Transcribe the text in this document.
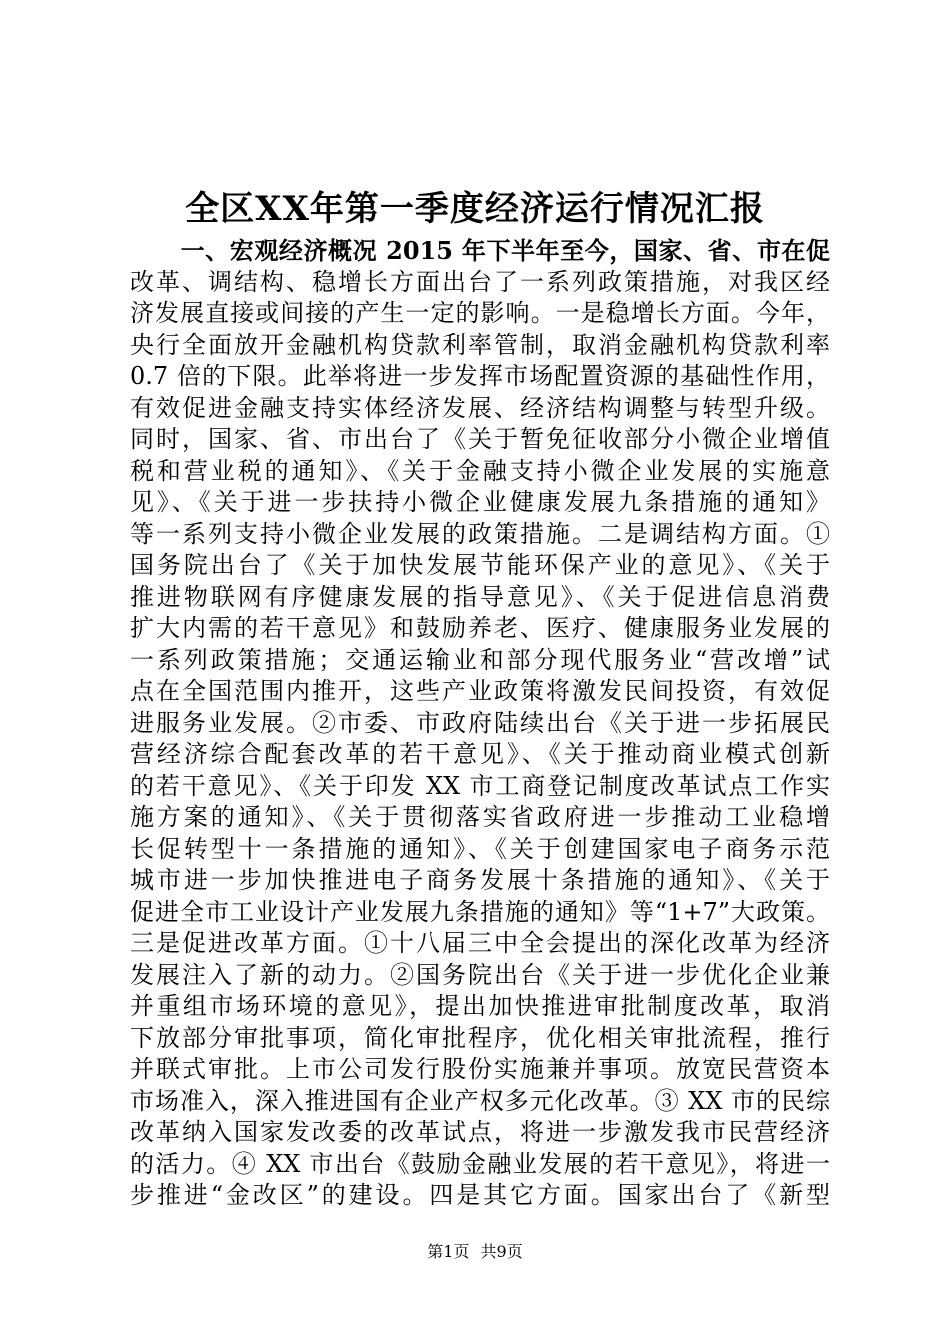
全区XX年第一季度经济运行情况汇报
一、宏观经济概况 2015 年下半年至今，国家、省、市在促
改革、调结构、稳增长方面出台了一系列政策措施，对我区经
济发展直接或间接的产生一定的影响。一是稳增长方面。今年，
央行全面放开金融机构贷款利率管制，取消金融机构贷款利率
0.7 倍的下限。此举将进一步发挥市场配置资源的基础性作用，
有效促进金融支持实体经济发展、经济结构调整与转型升级。
同时，国家、省、市出台了《关于暂免征收部分小微企业增值
税和营业税的通知》、《关于金融支持小微企业发展的实施意
见》、《关于进一步扶持小微企业健康发展九条措施的通知》
等一系列支持小微企业发展的政策措施。二是调结构方面。①
国务院出台了《关于加快发展节能环保产业的意见》、《关于
推进物联网有序健康发展的指导意见》、《关于促进信息消费
扩大内需的若干意见》和鼓励养老、医疗、健康服务业发展的
一系列政策措施；交通运输业和部分现代服务业“营改增”试
点在全国范围内推开，这些产业政策将激发民间投资，有效促
进服务业发展。②市委、市政府陆续出台《关于进一步拓展民
营经济综合配套改革的若干意见》、《关于推动商业模式创新
的若干意见》、《关于印发 XX 市工商登记制度改革试点工作实
施方案的通知》、《关于贯彻落实省政府进一步推动工业稳增
长促转型十一条措施的通知》、《关于创建国家电子商务示范
城市进一步加快推进电子商务发展十条措施的通知》、《关于
促进全市工业设计产业发展九条措施的通知》等“1+7”大政策。
三是促进改革方面。①十八届三中全会提出的深化改革为经济
发展注入了新的动力。②国务院出台《关于进一步优化企业兼
并重组市场环境的意见》，提出加快推进审批制度改革，取消
下放部分审批事项，简化审批程序，优化相关审批流程，推行
并联式审批。上市公司发行股份实施兼并事项。放宽民营资本
市场准入，深入推进国有企业产权多元化改革。③ XX 市的民综
改革纳入国家发改委的改革试点，将进一步激发我市民营经济
的活力。④ XX 市出台《鼓励金融业发展的若干意见》，将进一
步推进“金改区”的建设。四是其它方面。国家出台了《新型
第1页 共9页
